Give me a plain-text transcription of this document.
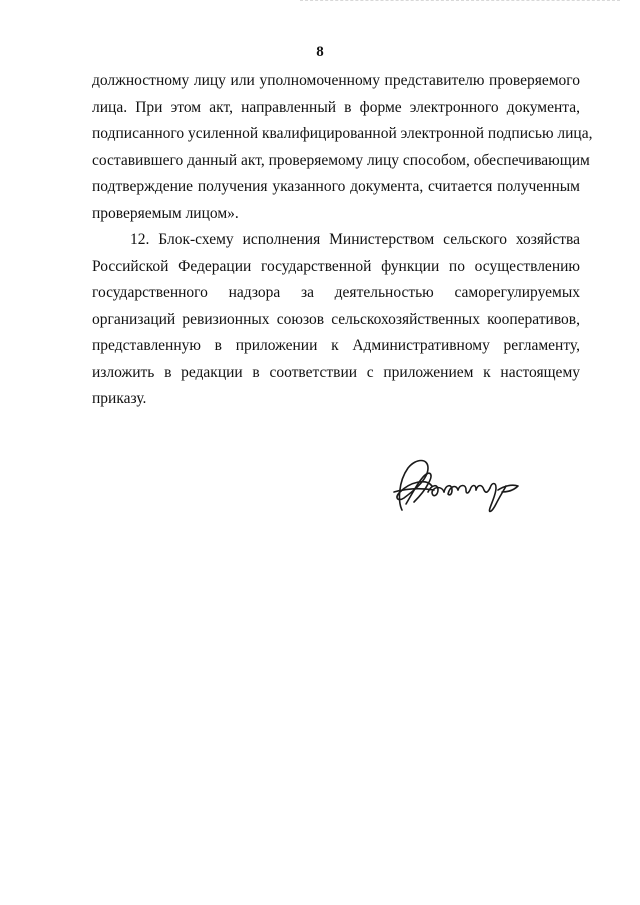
8
должностному лицу или уполномоченному представителю проверяемого
лица. При этом акт, направленный в форме электронного документа,
подписанного усиленной квалифицированной электронной подписью лица,
составившего данный акт, проверяемому лицу способом, обеспечивающим
подтверждение получения указанного документа, считается полученным
проверяемым лицом».
12. Блок-схему исполнения Министерством сельского хозяйства
Российской Федерации государственной функции по осуществлению
государственного надзора за деятельностью саморегулируемых
организаций ревизионных союзов сельскохозяйственных кооперативов,
представленную в приложении к Административному регламенту,
изложить в редакции в соответствии с приложением к настоящему
приказу.
